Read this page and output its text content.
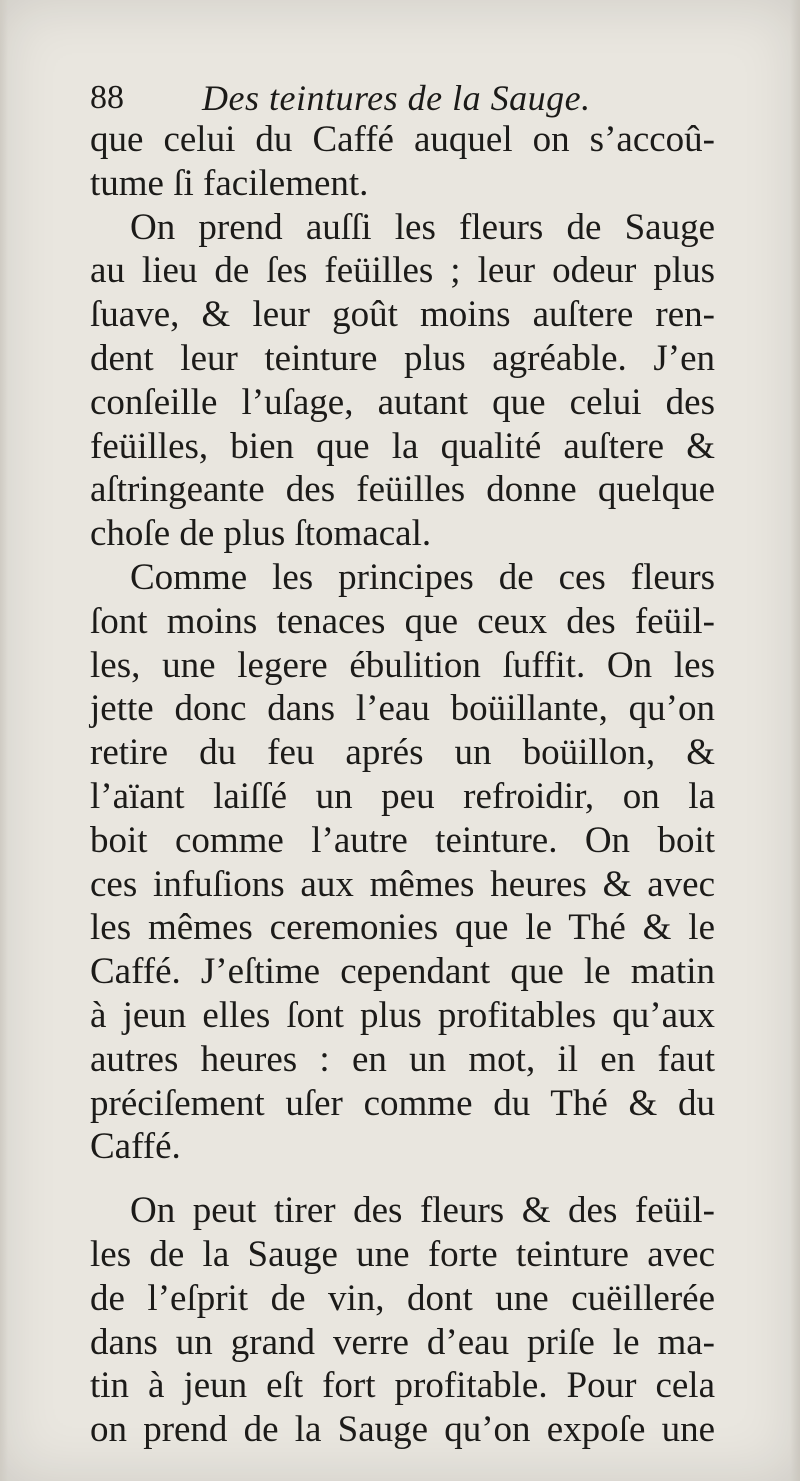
88 Des teintures de la Sauge.
que celui du Caffé auquel on s’accoû-
tume ſi facilement.
On prend auſſi les fleurs de Sauge
au lieu de ſes feüilles ; leur odeur plus
ſuave, & leur goût moins auſtere ren-
dent leur teinture plus agréable. J’en
conſeille l’uſage, autant que celui des
feüilles, bien que la qualité auſtere &
aſtringeante des feüilles donne quelque
choſe de plus ſtomacal.
Comme les principes de ces fleurs
ſont moins tenaces que ceux des feüil-
les, une legere ébulition ſuffit. On les
jette donc dans l’eau boüillante, qu’on
retire du feu aprés un boüillon, &
l’aïant laiſſé un peu refroidir, on la
boit comme l’autre teinture. On boit
ces infuſions aux mêmes heures & avec
les mêmes ceremonies que le Thé & le
Caffé. J’eſtime cependant que le matin
à jeun elles ſont plus profitables qu’aux
autres heures : en un mot, il en faut
préciſement uſer comme du Thé & du
Caffé.
On peut tirer des fleurs & des feüil-
les de la Sauge une forte teinture avec
de l’eſprit de vin, dont une cuëillerée
dans un grand verre d’eau priſe le ma-
tin à jeun eſt fort profitable. Pour cela
on prend de la Sauge qu’on expoſe une
